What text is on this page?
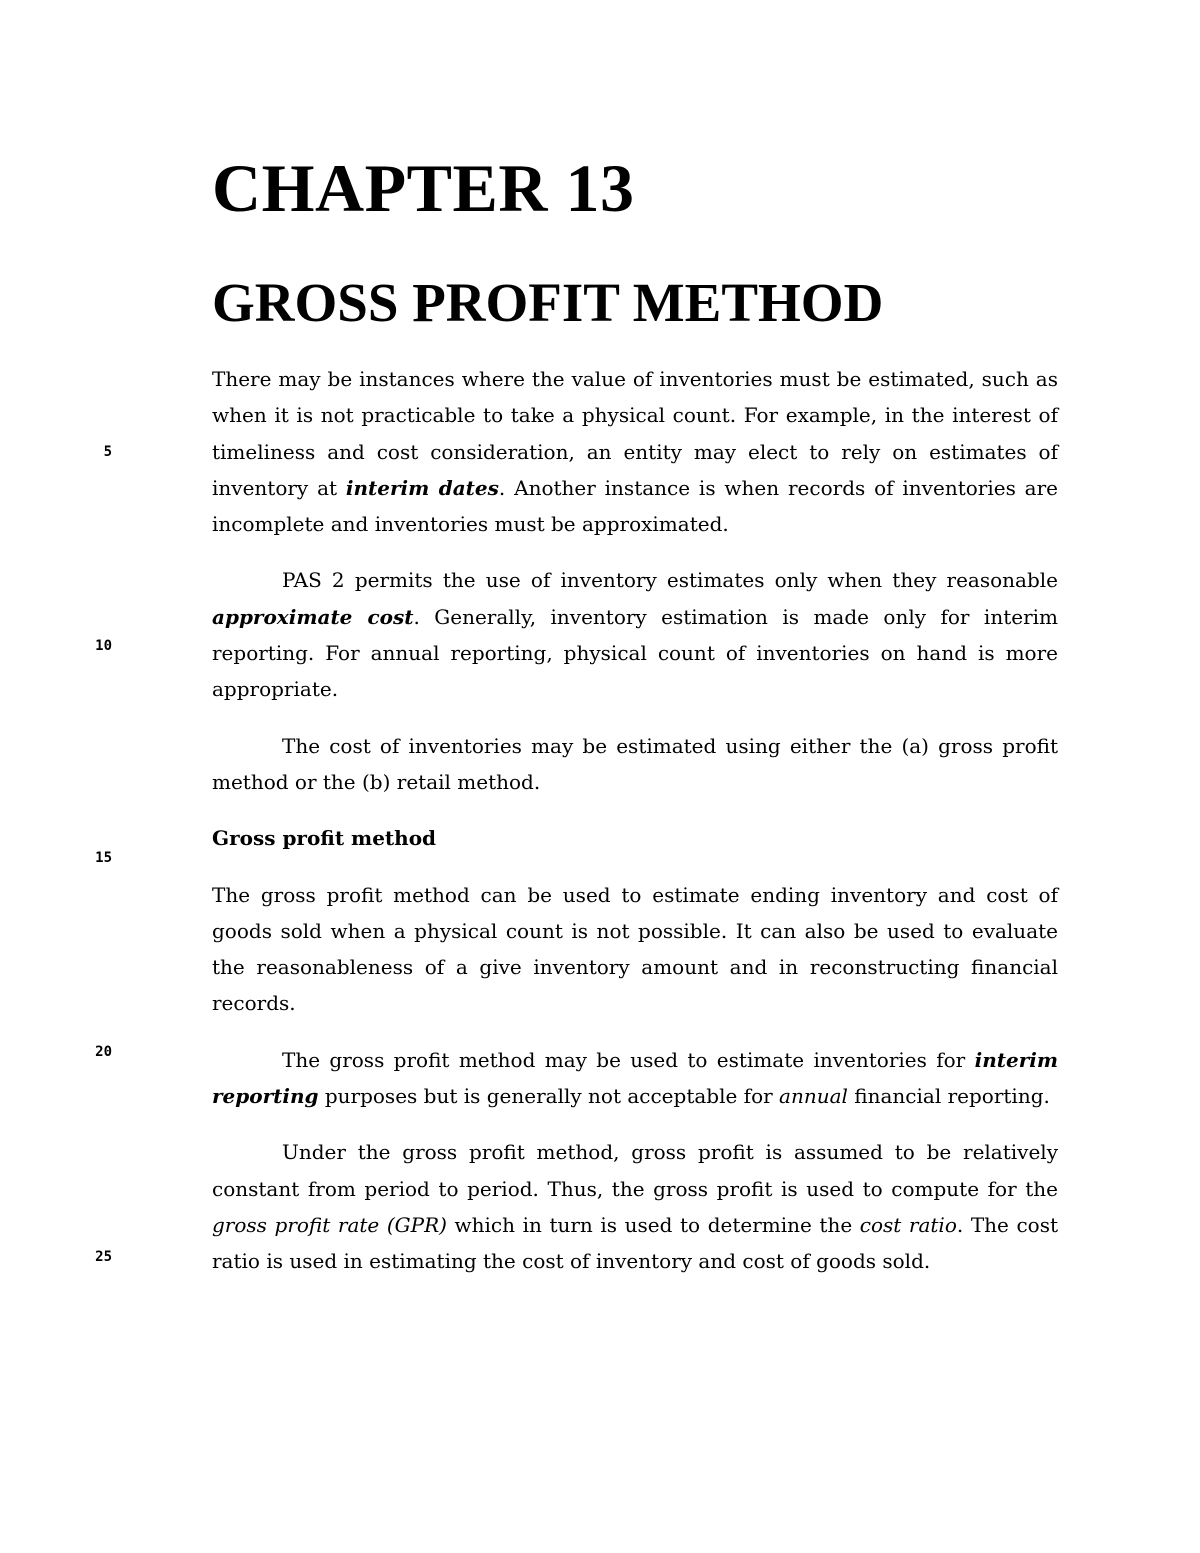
CHAPTER 13
GROSS PROFIT METHOD
5
10
15
20
25

There may be instances where the value of inventories must be estimated, such as when it is not practicable to take a physical count. For example, in the interest of timeliness and cost consideration, an entity may elect to rely on estimates of inventory at interim dates. Another instance is when records of inventories are incomplete and inventories must be approximated.

PAS 2 permits the use of inventory estimates only when they reasonable approximate cost. Generally, inventory estimation is made only for interim reporting. For annual reporting, physical count of inventories on hand is more appropriate.

The cost of inventories may be estimated using either the (a) gross profit method or the (b) retail method.

Gross profit method

The gross profit method can be used to estimate ending inventory and cost of goods sold when a physical count is not possible. It can also be used to evaluate the reasonableness of a give inventory amount and in reconstructing financial records.

The gross profit method may be used to estimate inventories for interim reporting purposes but is generally not acceptable for annual financial reporting.

Under the gross profit method, gross profit is assumed to be relatively constant from period to period. Thus, the gross profit is used to compute for the gross profit rate (GPR) which in turn is used to determine the cost ratio. The cost ratio is used in estimating the cost of inventory and cost of goods sold.
